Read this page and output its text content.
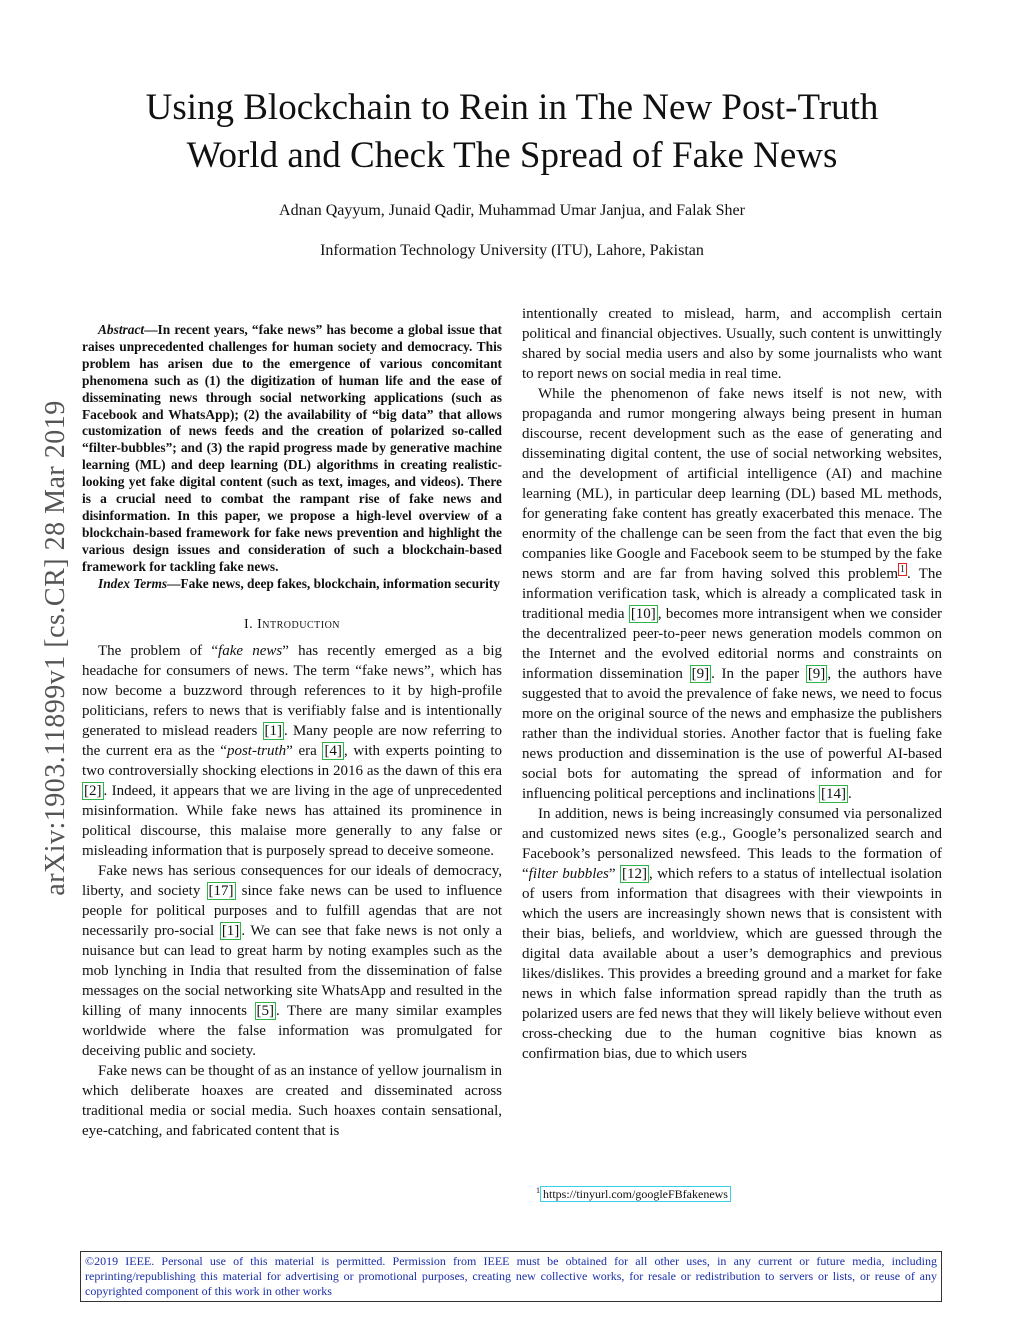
Using Blockchain to Rein in The New Post-Truth
World and Check The Spread of Fake News
Adnan Qayyum, Junaid Qadir, Muhammad Umar Janjua, and Falak Sher
Information Technology University (ITU), Lahore, Pakistan
arXiv:1903.11899v1 [cs.CR] 28 Mar 2019

Abstract—In recent years, “fake news” has become a global issue that raises unprecedented challenges for human society and democracy. This problem has arisen due to the emergence of various concomitant phenomena such as (1) the digitization of human life and the ease of disseminating news through social networking applications (such as Facebook and WhatsApp); (2) the availability of “big data” that allows customization of news feeds and the creation of polarized so-called “filter-bubbles”; and (3) the rapid progress made by generative machine learning (ML) and deep learning (DL) algorithms in creating realistic-looking yet fake digital content (such as text, images, and videos). There is a crucial need to combat the rampant rise of fake news and disinformation. In this paper, we propose a high-level overview of a blockchain-based framework for fake news prevention and highlight the various design issues and consideration of such a blockchain-based framework for tackling fake news.

Index Terms—Fake news, deep fakes, blockchain, information security

I. Introduction

The problem of “fake news” has recently emerged as a big headache for consumers of news. The term “fake news”, which has now become a buzzword through references to it by high-profile politicians, refers to news that is verifiably false and is intentionally generated to mislead readers [1] . Many people are now referring to the current era as the “post-truth” era [4] , with experts pointing to two controversially shocking elections in 2016 as the dawn of this era [2] . Indeed, it appears that we are living in the age of unprecedented misinformation. While fake news has attained its prominence in political discourse, this malaise more generally to any false or misleading information that is purposely spread to deceive someone.

Fake news has serious consequences for our ideals of democracy, liberty, and society [17] since fake news can be used to influence people for political purposes and to fulfill agendas that are not necessarily pro-social [1] . We can see that fake news is not only a nuisance but can lead to great harm by noting examples such as the mob lynching in India that resulted from the dissemination of false messages on the social networking site WhatsApp and resulted in the killing of many innocents [5] . There are many similar examples worldwide where the false information was promulgated for deceiving public and society.

Fake news can be thought of as an instance of yellow journalism in which deliberate hoaxes are created and disseminated across traditional media or social media. Such hoaxes contain sensational, eye-catching, and fabricated content that is

intentionally created to mislead, harm, and accomplish certain political and financial objectives. Usually, such content is unwittingly shared by social media users and also by some journalists who want to report news on social media in real time.

While the phenomenon of fake news itself is not new, with propaganda and rumor mongering always being present in human discourse, recent development such as the ease of generating and disseminating digital content, the use of social networking websites, and the development of artificial intelligence (AI) and machine learning (ML), in particular deep learning (DL) based ML methods, for generating fake content has greatly exacerbated this menace. The enormity of the challenge can be seen from the fact that even the big companies like Google and Facebook seem to be stumped by the fake news storm and are far from having solved this problem $^1$ . The information verification task, which is already a complicated task in traditional media [10] , becomes more intransigent when we consider the decentralized peer-to-peer news generation models common on the Internet and the evolved editorial norms and constraints on information dissemination [9] . In the paper [9] , the authors have suggested that to avoid the prevalence of fake news, we need to focus more on the original source of the news and emphasize the publishers rather than the individual stories. Another factor that is fueling fake news production and dissemination is the use of powerful AI-based social bots for automating the spread of information and for influencing political perceptions and inclinations [14] .

In addition, news is being increasingly consumed via personalized and customized news sites (e.g., Google’s personalized search and Facebook’s personalized newsfeed. This leads to the formation of “filter bubbles” [12] , which refers to a status of intellectual isolation of users from information that disagrees with their viewpoints in which the users are increasingly shown news that is consistent with their bias, beliefs, and worldview, which are guessed through the digital data available about a user’s demographics and previous likes/dislikes. This provides a breeding ground and a market for fake news in which false information spread rapidly than the truth as polarized users are fed news that they will likely believe without even cross-checking due to the human cognitive bias known as confirmation bias, due to which users

$^1$ https://tinyurl.com/googleFBfakenews
©2019 IEEE. Personal use of this material is permitted. Permission from IEEE must be obtained for all other uses, in any current or future media, including reprinting/republishing this material for advertising or promotional purposes, creating new collective works, for resale or redistribution to servers or lists, or reuse of any copyrighted component of this work in other works
